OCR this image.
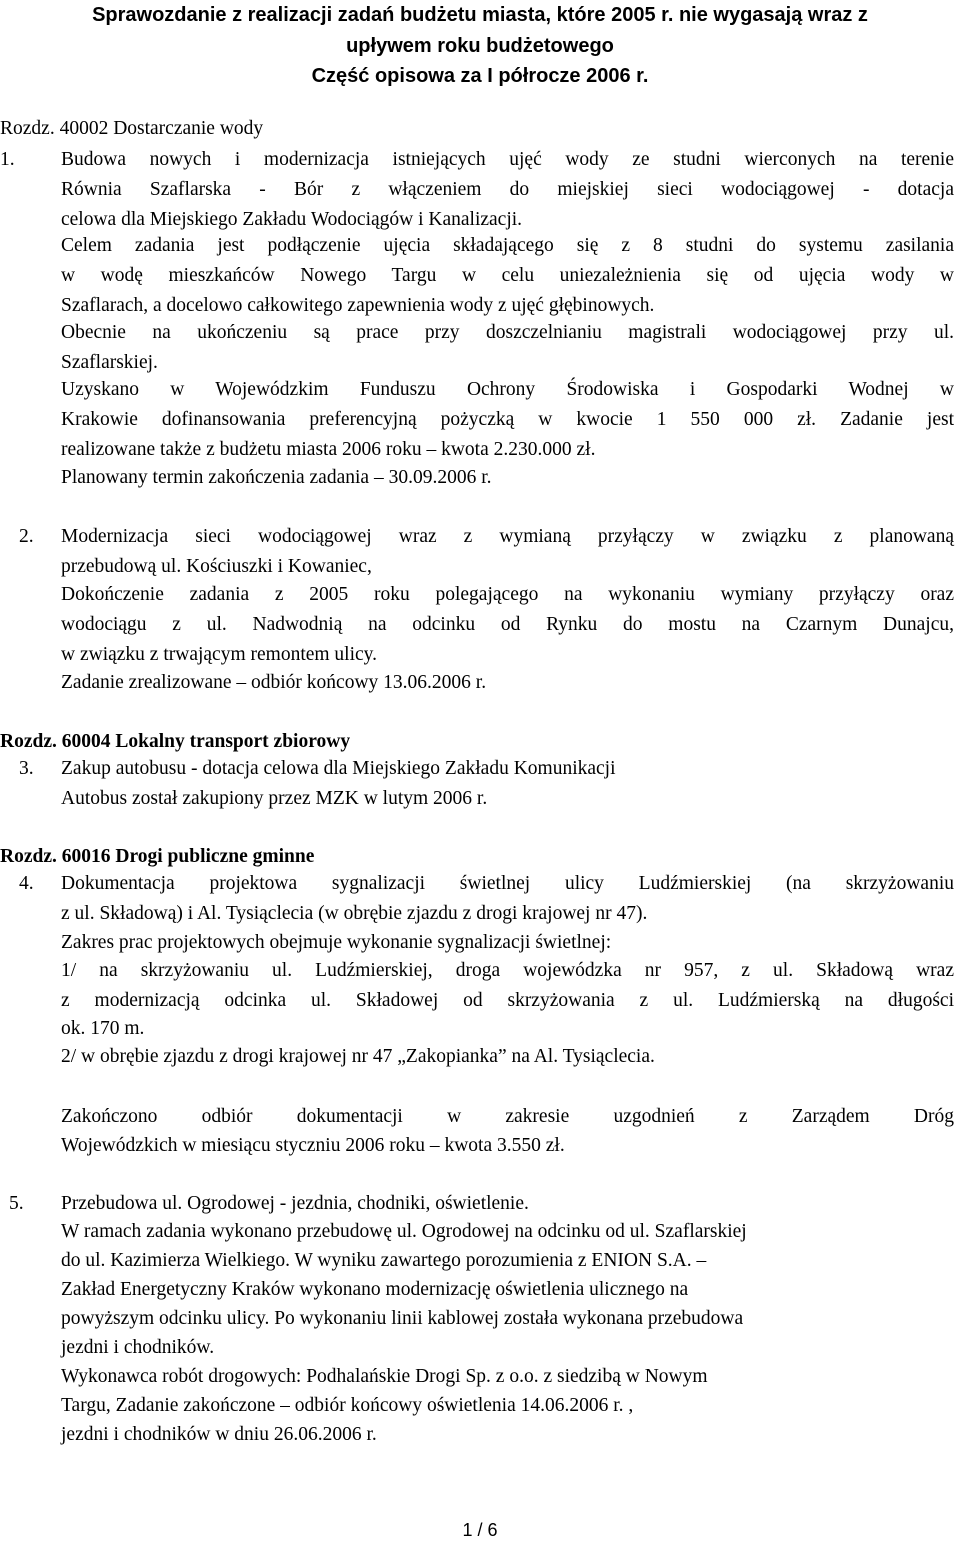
Sprawozdanie z realizacji zadań budżetu miasta, które 2005 r. nie wygasają wraz z
upływem roku budżetowego
Część opisowa za I półrocze 2006 r.
Rozdz. 40002 Dostarczanie wody
1. Budowa nowych i modernizacja istniejących ujęć wody ze studni wierconych na terenie
Równia Szaflarska - Bór z włączeniem do miejskiej sieci wodociągowej - dotacja
celowa dla Miejskiego Zakładu Wodociągów i Kanalizacji.
Celem zadania jest podłączenie ujęcia składającego się z 8 studni do systemu zasilania
w wodę mieszkańców Nowego Targu w celu uniezależnienia się od ujęcia wody w
Szaflarach, a docelowo całkowitego zapewnienia wody z ujęć głębinowych.
Obecnie na ukończeniu są prace przy doszczelnianiu magistrali wodociągowej przy ul.
Szaflarskiej.
Uzyskano w Wojewódzkim Funduszu Ochrony Środowiska i Gospodarki Wodnej w
Krakowie dofinansowania preferencyjną pożyczką w kwocie 1 550 000 zł. Zadanie jest
realizowane także z budżetu miasta 2006 roku – kwota 2.230.000 zł.
Planowany termin zakończenia zadania – 30.09.2006 r.
2. Modernizacja sieci wodociągowej wraz z wymianą przyłączy w związku z planowaną
przebudową ul. Kościuszki i Kowaniec,
Dokończenie zadania z 2005 roku polegającego na wykonaniu wymiany przyłączy oraz
wodociągu z ul. Nadwodnią na odcinku od Rynku do mostu na Czarnym Dunajcu,
w związku z trwającym remontem ulicy.
Zadanie zrealizowane – odbiór końcowy 13.06.2006 r.
Rozdz. 60004 Lokalny transport zbiorowy
3. Zakup autobusu - dotacja celowa dla Miejskiego Zakładu Komunikacji
Autobus został zakupiony przez MZK w lutym 2006 r.
Rozdz. 60016 Drogi publiczne gminne
4. Dokumentacja projektowa sygnalizacji świetlnej ulicy Ludźmierskiej (na skrzyżowaniu
z ul. Składową) i Al. Tysiąclecia (w obrębie zjazdu z drogi krajowej nr 47).
Zakres prac projektowych obejmuje wykonanie sygnalizacji świetlnej:
1/ na skrzyżowaniu ul. Ludźmierskiej, droga wojewódzka nr 957, z ul. Składową wraz
z modernizacją odcinka ul. Składowej od skrzyżowania z ul. Ludźmierską na długości
ok. 170 m.
2/ w obrębie zjazdu z drogi krajowej nr 47 „Zakopianka” na Al. Tysiąclecia.
Zakończono odbiór dokumentacji w zakresie uzgodnień z Zarządem Dróg
Wojewódzkich w miesiącu styczniu 2006 roku – kwota 3.550 zł.
5. Przebudowa ul. Ogrodowej - jezdnia, chodniki, oświetlenie.
W ramach zadania wykonano przebudowę ul. Ogrodowej na odcinku od ul. Szaflarskiej
do ul. Kazimierza Wielkiego. W wyniku zawartego porozumienia z ENION S.A. –
Zakład Energetyczny Kraków wykonano modernizację oświetlenia ulicznego na
powyższym odcinku ulicy. Po wykonaniu linii kablowej została wykonana przebudowa
jezdni i chodników.
Wykonawca robót drogowych: Podhalańskie Drogi Sp. z o.o. z siedzibą w Nowym
Targu, Zadanie zakończone – odbiór końcowy oświetlenia 14.06.2006 r. ,
jezdni i chodników w dniu 26.06.2006 r.
1 / 6
